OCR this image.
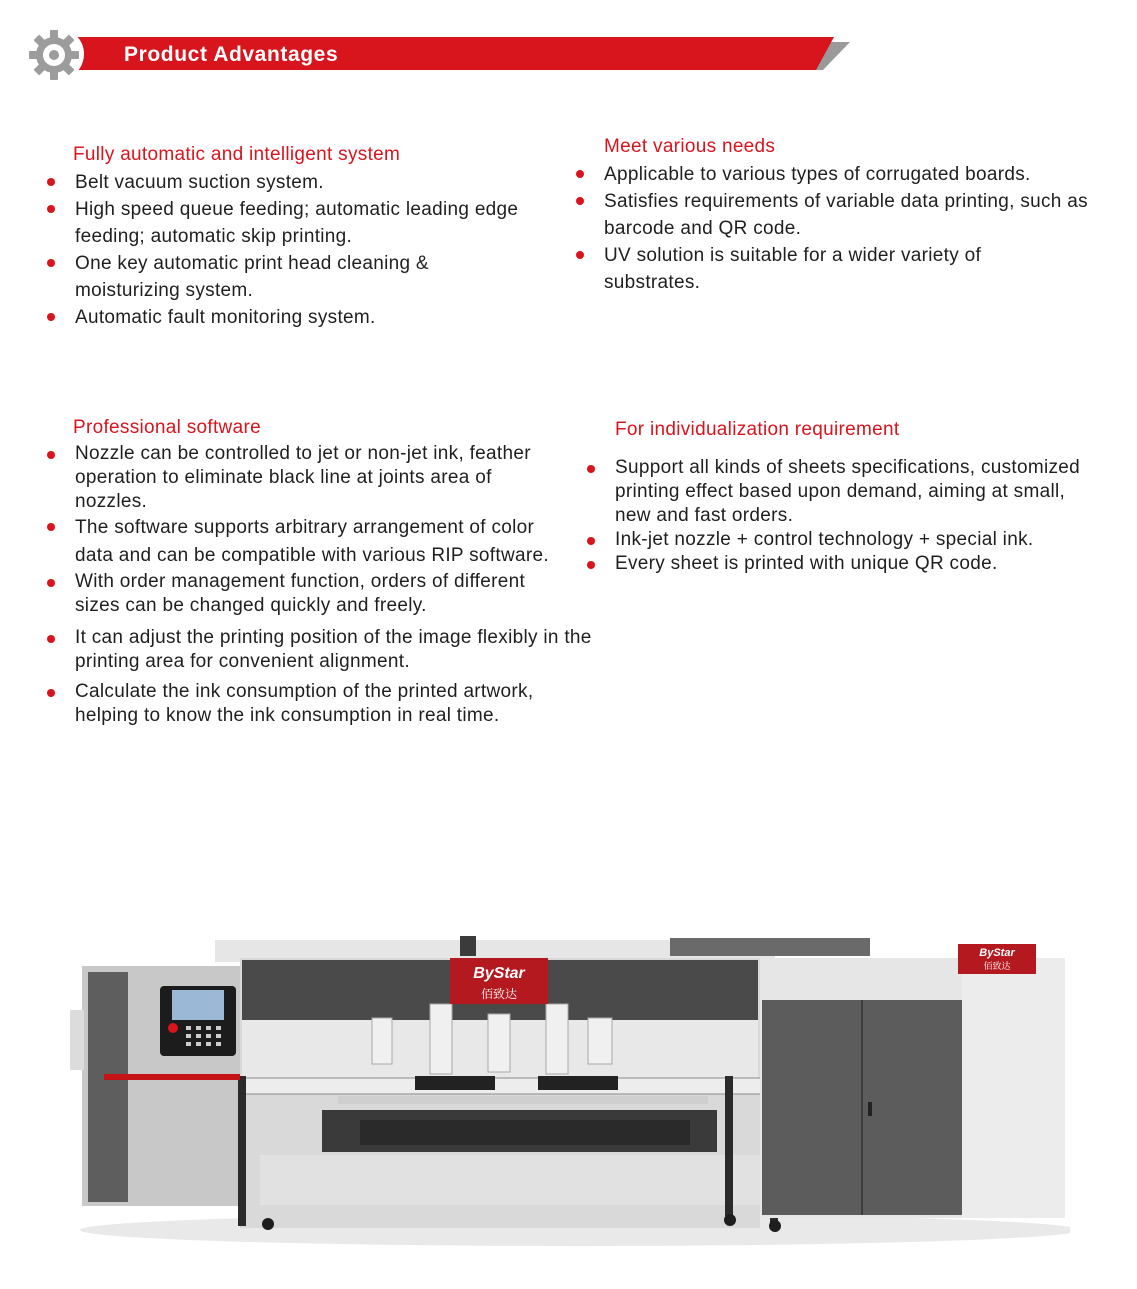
Product Advantages
Fully automatic and intelligent system
Belt vacuum suction system.
High speed queue feeding; automatic leading edge feeding; automatic skip printing.
One key automatic print head cleaning & moisturizing system.
Automatic fault monitoring system.
Meet various needs
Applicable to various types of corrugated boards.
Satisfies requirements of variable data printing, such as barcode and QR code.
UV solution is suitable for a wider variety of substrates.
Professional software
Nozzle can be controlled to jet or non-jet ink, feather operation to eliminate black line at joints area of nozzles.
The software supports arbitrary arrangement of color data and can be compatible with various RIP software.
With order management function, orders of different sizes can be changed quickly and freely.
It can adjust the printing position of the image flexibly in the printing area for convenient alignment.
Calculate the ink consumption of the printed artwork, helping to know the ink consumption in real time.
For individualization requirement
Support all kinds of sheets specifications, customized printing effect based upon demand, aiming at small, new and fast orders.
Ink-jet nozzle + control technology + special ink.
Every sheet is printed with unique QR code.
ByStar
佰致达
ByStar
佰致达
